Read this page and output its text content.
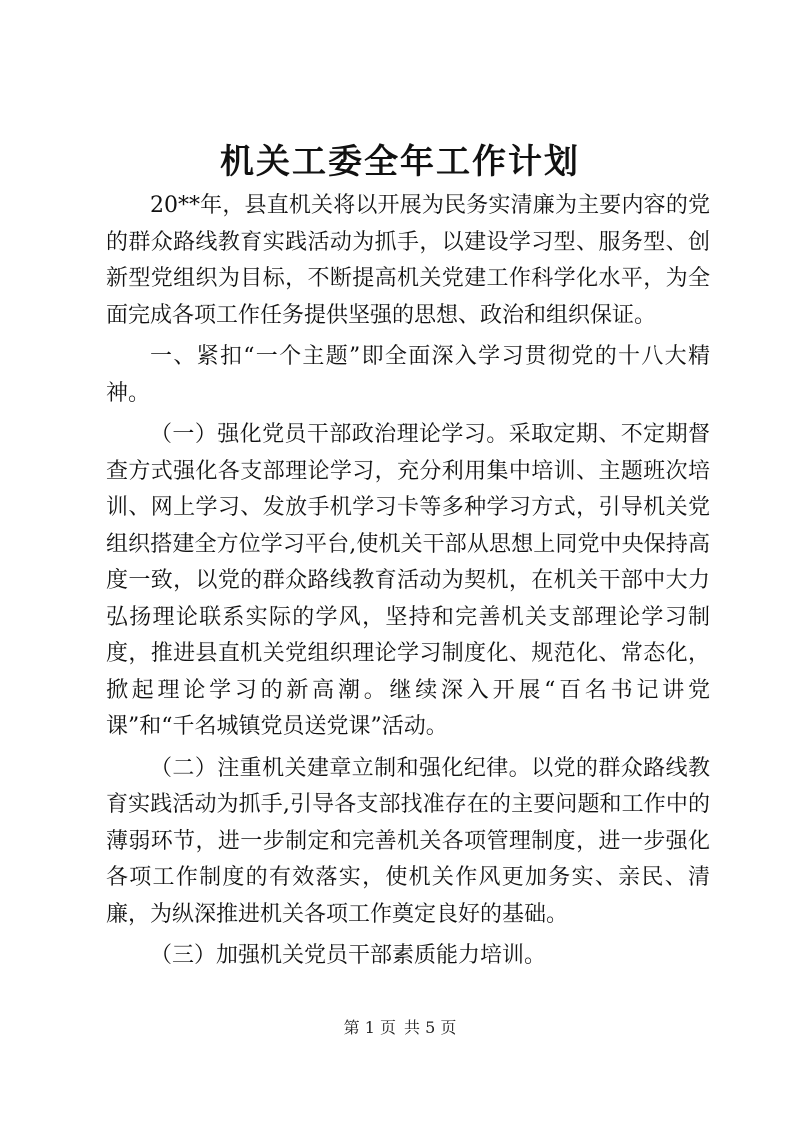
机关工委全年工作计划

20**年，县直机关将以开展为民务实清廉为主要内容的党的群众路线教育实践活动为抓手，以建设学习型、服务型、创新型党组织为目标，不断提高机关党建工作科学化水平，为全面完成各项工作任务提供坚强的思想、政治和组织保证。

一、紧扣“一个主题”即全面深入学习贯彻党的十八大精神。

（一）强化党员干部政治理论学习。采取定期、不定期督查方式强化各支部理论学习，充分利用集中培训、主题班次培训、网上学习、发放手机学习卡等多种学习方式，引导机关党组织搭建全方位学习平台,使机关干部从思想上同党中央保持高度一致，以党的群众路线教育活动为契机，在机关干部中大力弘扬理论联系实际的学风，坚持和完善机关支部理论学习制度，推进县直机关党组织理论学习制度化、规范化、常态化，掀起理论学习的新高潮。继续深入开展“百名书记讲党课”和“千名城镇党员送党课”活动。

（二）注重机关建章立制和强化纪律。以党的群众路线教育实践活动为抓手,引导各支部找准存在的主要问题和工作中的薄弱环节，进一步制定和完善机关各项管理制度，进一步强化各项工作制度的有效落实，使机关作风更加务实、亲民、清廉，为纵深推进机关各项工作奠定良好的基础。

（三）加强机关党员干部素质能力培训。

第 1 页 共 5 页
